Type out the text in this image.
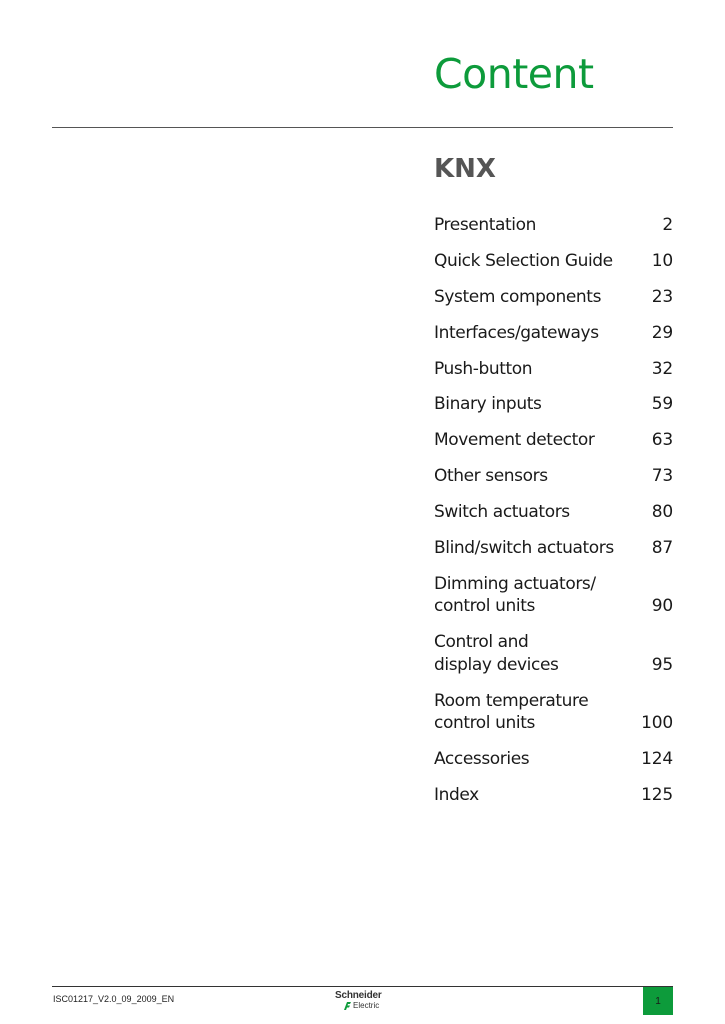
Content
KNX
Presentation	2
Quick Selection Guide 10
System components	23
Interfaces/gateways	29
Push-button	32
Binary inputs	59
Movement detector	63
Other sensors	73
Switch actuators	80
Blind/switch actuators 87
Dimming actuators/
control units	90
Control and
display devices	95
Room temperature
control units	100
Accessories	124
Index	125
ISC01217_V2.0_09_2009_EN	Schneider
Electric	1
